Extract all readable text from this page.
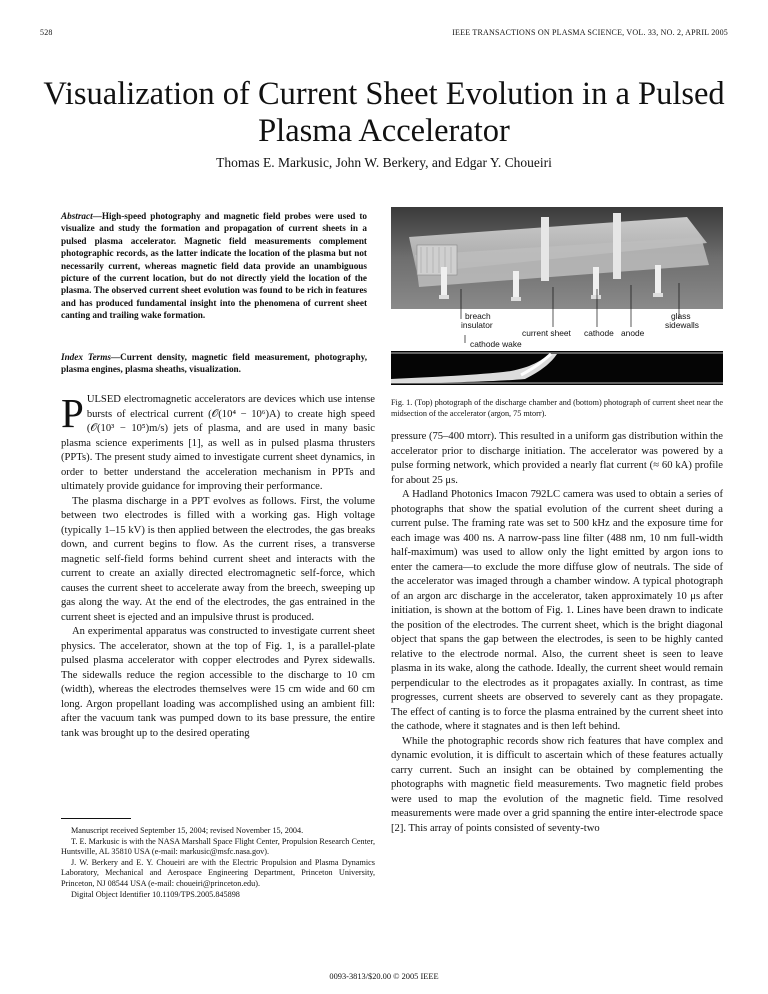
528	IEEE TRANSACTIONS ON PLASMA SCIENCE, VOL. 33, NO. 2, APRIL 2005
Visualization of Current Sheet Evolution in a Pulsed Plasma Accelerator
Thomas E. Markusic, John W. Berkery, and Edgar Y. Choueiri
Abstract—High-speed photography and magnetic field probes were used to visualize and study the formation and propagation of current sheets in a pulsed plasma accelerator. Magnetic field measurements complement photographic records, as the latter indicate the location of the plasma but not necessarily current, whereas magnetic field data provide an unambiguous picture of the current location, but do not directly yield the location of the plasma. The observed current sheet evolution was found to be rich in features and has produced fundamental insight into the phenomena of current sheet canting and trailing wake formation.
Index Terms—Current density, magnetic field measurement, photography, plasma engines, plasma sheaths, visualization.

PULSED electromagnetic accelerators are devices which use intense bursts of electrical current (𝒪(10⁴ − 10⁶)A) to create high speed (𝒪(10³ − 10⁵)m/s) jets of plasma, and are used in many basic plasma science experiments [1], as well as in pulsed plasma thrusters (PPTs). The present study aimed to investigate current sheet dynamics, in order to better understand the acceleration mechanism in PPTs and ultimately provide guidance for improving their performance.

The plasma discharge in a PPT evolves as follows. First, the volume between two electrodes is filled with a working gas. High voltage (typically 1–15 kV) is then applied between the electrodes, the gas breaks down, and current begins to flow. As the current rises, a transverse magnetic self-field forms behind current sheet and interacts with the current to create an axially directed electromagnetic self-force, which causes the current sheet to accelerate away from the breech, sweeping up gas along the way. At the end of the electrodes, the gas entrained in the current sheet is ejected and an impulsive thrust is produced.

An experimental apparatus was constructed to investigate current sheet physics. The accelerator, shown at the top of Fig. 1, is a parallel-plate pulsed plasma accelerator with copper electrodes and Pyrex sidewalls. The sidewalls reduce the region accessible to the discharge to 10 cm (width), whereas the electrodes themselves were 15 cm wide and 60 cm long. Argon propellant loading was accomplished using an ambient fill: after the vacuum tank was pumped down to its base pressure, the entire tank was brought up to the desired operating

Manuscript received September 15, 2004; revised November 15, 2004.

T. E. Markusic is with the NASA Marshall Space Flight Center, Propulsion Research Center, Huntsville, AL 35810 USA (e-mail: markusic@msfc.nasa.gov).

J. W. Berkery and E. Y. Choueiri are with the Electric Propulsion and Plasma Dynamics Laboratory, Mechanical and Aerospace Engineering Department, Princeton University, Princeton, NJ 08544 USA (e-mail: choueiri@princeton.edu).

Digital Object Identifier 10.1109/TPS.2005.845898

breach
insulator
current sheet cathode anode
glass
sidewalls
cathode wake
Fig. 1. (Top) photograph of the discharge chamber and (bottom) photograph of current sheet near the midsection of the accelerator (argon, 75 mtorr).

pressure (75–400 mtorr). This resulted in a uniform gas distribution within the accelerator prior to discharge initiation. The accelerator was powered by a pulse forming network, which provided a nearly flat current (≈ 60 kA) profile for about 25 μs.

A Hadland Photonics Imacon 792LC camera was used to obtain a series of photographs that show the spatial evolution of the current sheet during a current pulse. The framing rate was set to 500 kHz and the exposure time for each image was 400 ns. A narrow-pass line filter (488 nm, 10 nm full-width half-maximum) was used to allow only the light emitted by argon ions to enter the camera—to exclude the more diffuse glow of neutrals. The side of the accelerator was imaged through a chamber window. A typical photograph of an argon arc discharge in the accelerator, taken approximately 10 μs after initiation, is shown at the bottom of Fig. 1. Lines have been drawn to indicate the position of the electrodes. The current sheet, which is the bright diagonal object that spans the gap between the electrodes, is seen to be highly canted relative to the electrode normal. Also, the current sheet is seen to leave plasma in its wake, along the cathode. Ideally, the current sheet would remain perpendicular to the electrodes as it propagates axially. In contrast, as time progresses, current sheets are observed to severely cant as they propagate. The effect of canting is to force the plasma entrained by the current sheet into the cathode, where it stagnates and is then left behind.

While the photographic records show rich features that have complex and dynamic evolution, it is difficult to ascertain which of these features actually carry current. Such an insight can be obtained by complementing the photographs with magnetic field measurements. Two magnetic field probes were used to map the evolution of the magnetic field. Time resolved measurements were made over a grid spanning the entire inter-electrode space [2]. This array of points consisted of seventy-two

0093-3813/$20.00 © 2005 IEEE
